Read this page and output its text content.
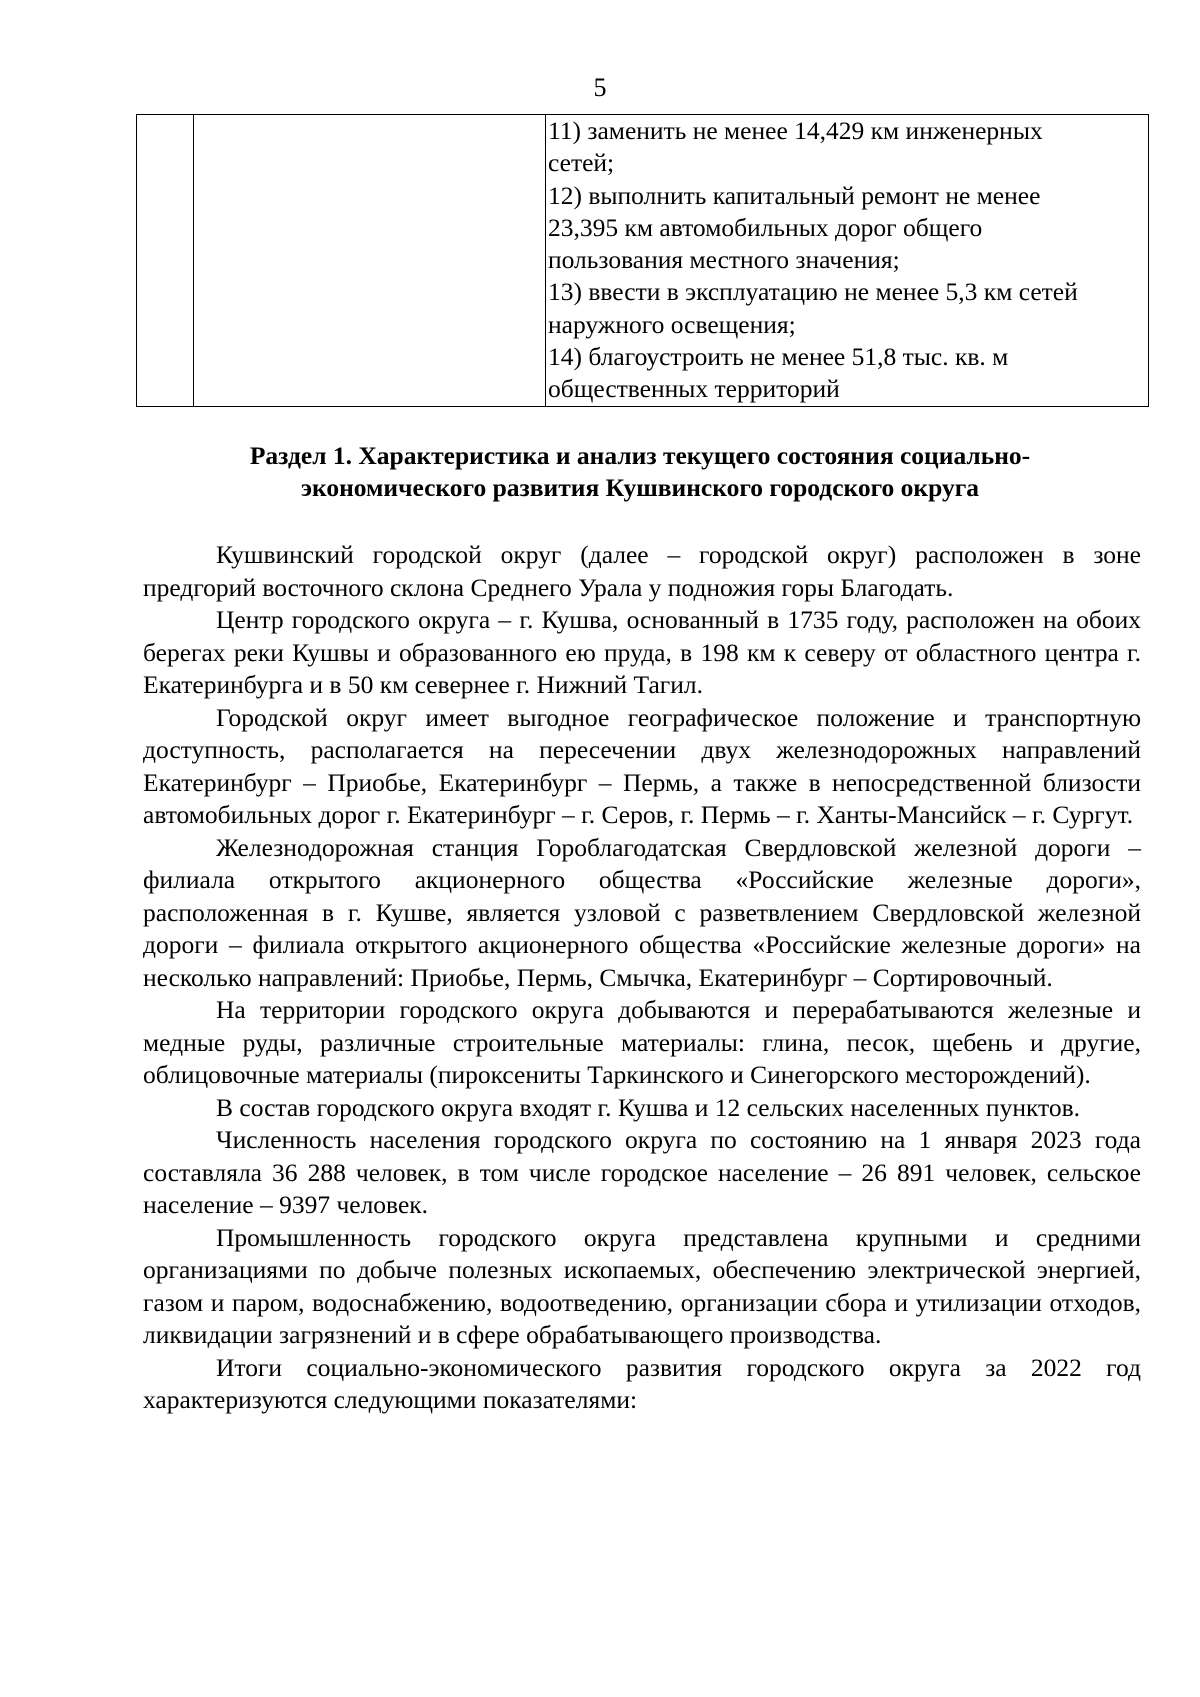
5

11) заменить не менее 14,429 км инженерных
сетей;
12) выполнить капитальный ремонт не менее
23,395 км автомобильных дорог общего
пользования местного значения;
13) ввести в эксплуатацию не менее 5,3 км сетей
наружного освещения;
14) благоустроить не менее 51,8 тыс. кв. м
общественных территорий
Раздел 1. Характеристика и анализ текущего состояния социально-
экономического развития Кушвинского городского округа

Кушвинский городской округ (далее – городской округ) расположен в зоне предгорий восточного склона Среднего Урала у подножия горы Благодать.

Центр городского округа – г. Кушва, основанный в 1735 году, расположен на обоих берегах реки Кушвы и образованного ею пруда, в 198 км к северу от областного центра г. Екатеринбурга и в 50 км севернее г. Нижний Тагил.

Городской округ имеет выгодное географическое положение и транспортную доступность, располагается на пересечении двух железнодорожных направлений Екатеринбург – Приобье, Екатеринбург – Пермь, а также в непосредственной близости автомобильных дорог г. Екатеринбург – г. Серов, г. Пермь – г. Ханты-Мансийск – г. Сургут.

Железнодорожная станция Гороблагодатская Свердловской железной дороги – филиала открытого акционерного общества «Российские железные дороги», расположенная в г. Кушве, является узловой с разветвлением Свердловской железной дороги – филиала открытого акционерного общества «Российские железные дороги» на несколько направлений: Приобье, Пермь, Смычка, Екатеринбург – Сортировочный.

На территории городского округа добываются и перерабатываются железные и медные руды, различные строительные материалы: глина, песок, щебень и другие, облицовочные материалы (пироксениты Таркинского и Синегорского месторождений).

В состав городского округа входят г. Кушва и 12 сельских населенных пунктов.

Численность населения городского округа по состоянию на 1 января 2023 года составляла 36 288 человек, в том числе городское население – 26 891 человек, сельское население – 9397 человек.

Промышленность городского округа представлена крупными и средними организациями по добыче полезных ископаемых, обеспечению электрической энергией, газом и паром, водоснабжению, водоотведению, организации сбора и утилизации отходов, ликвидации загрязнений и в сфере обрабатывающего производства.

Итоги социально-экономического развития городского округа за 2022 год характеризуются следующими показателями:
